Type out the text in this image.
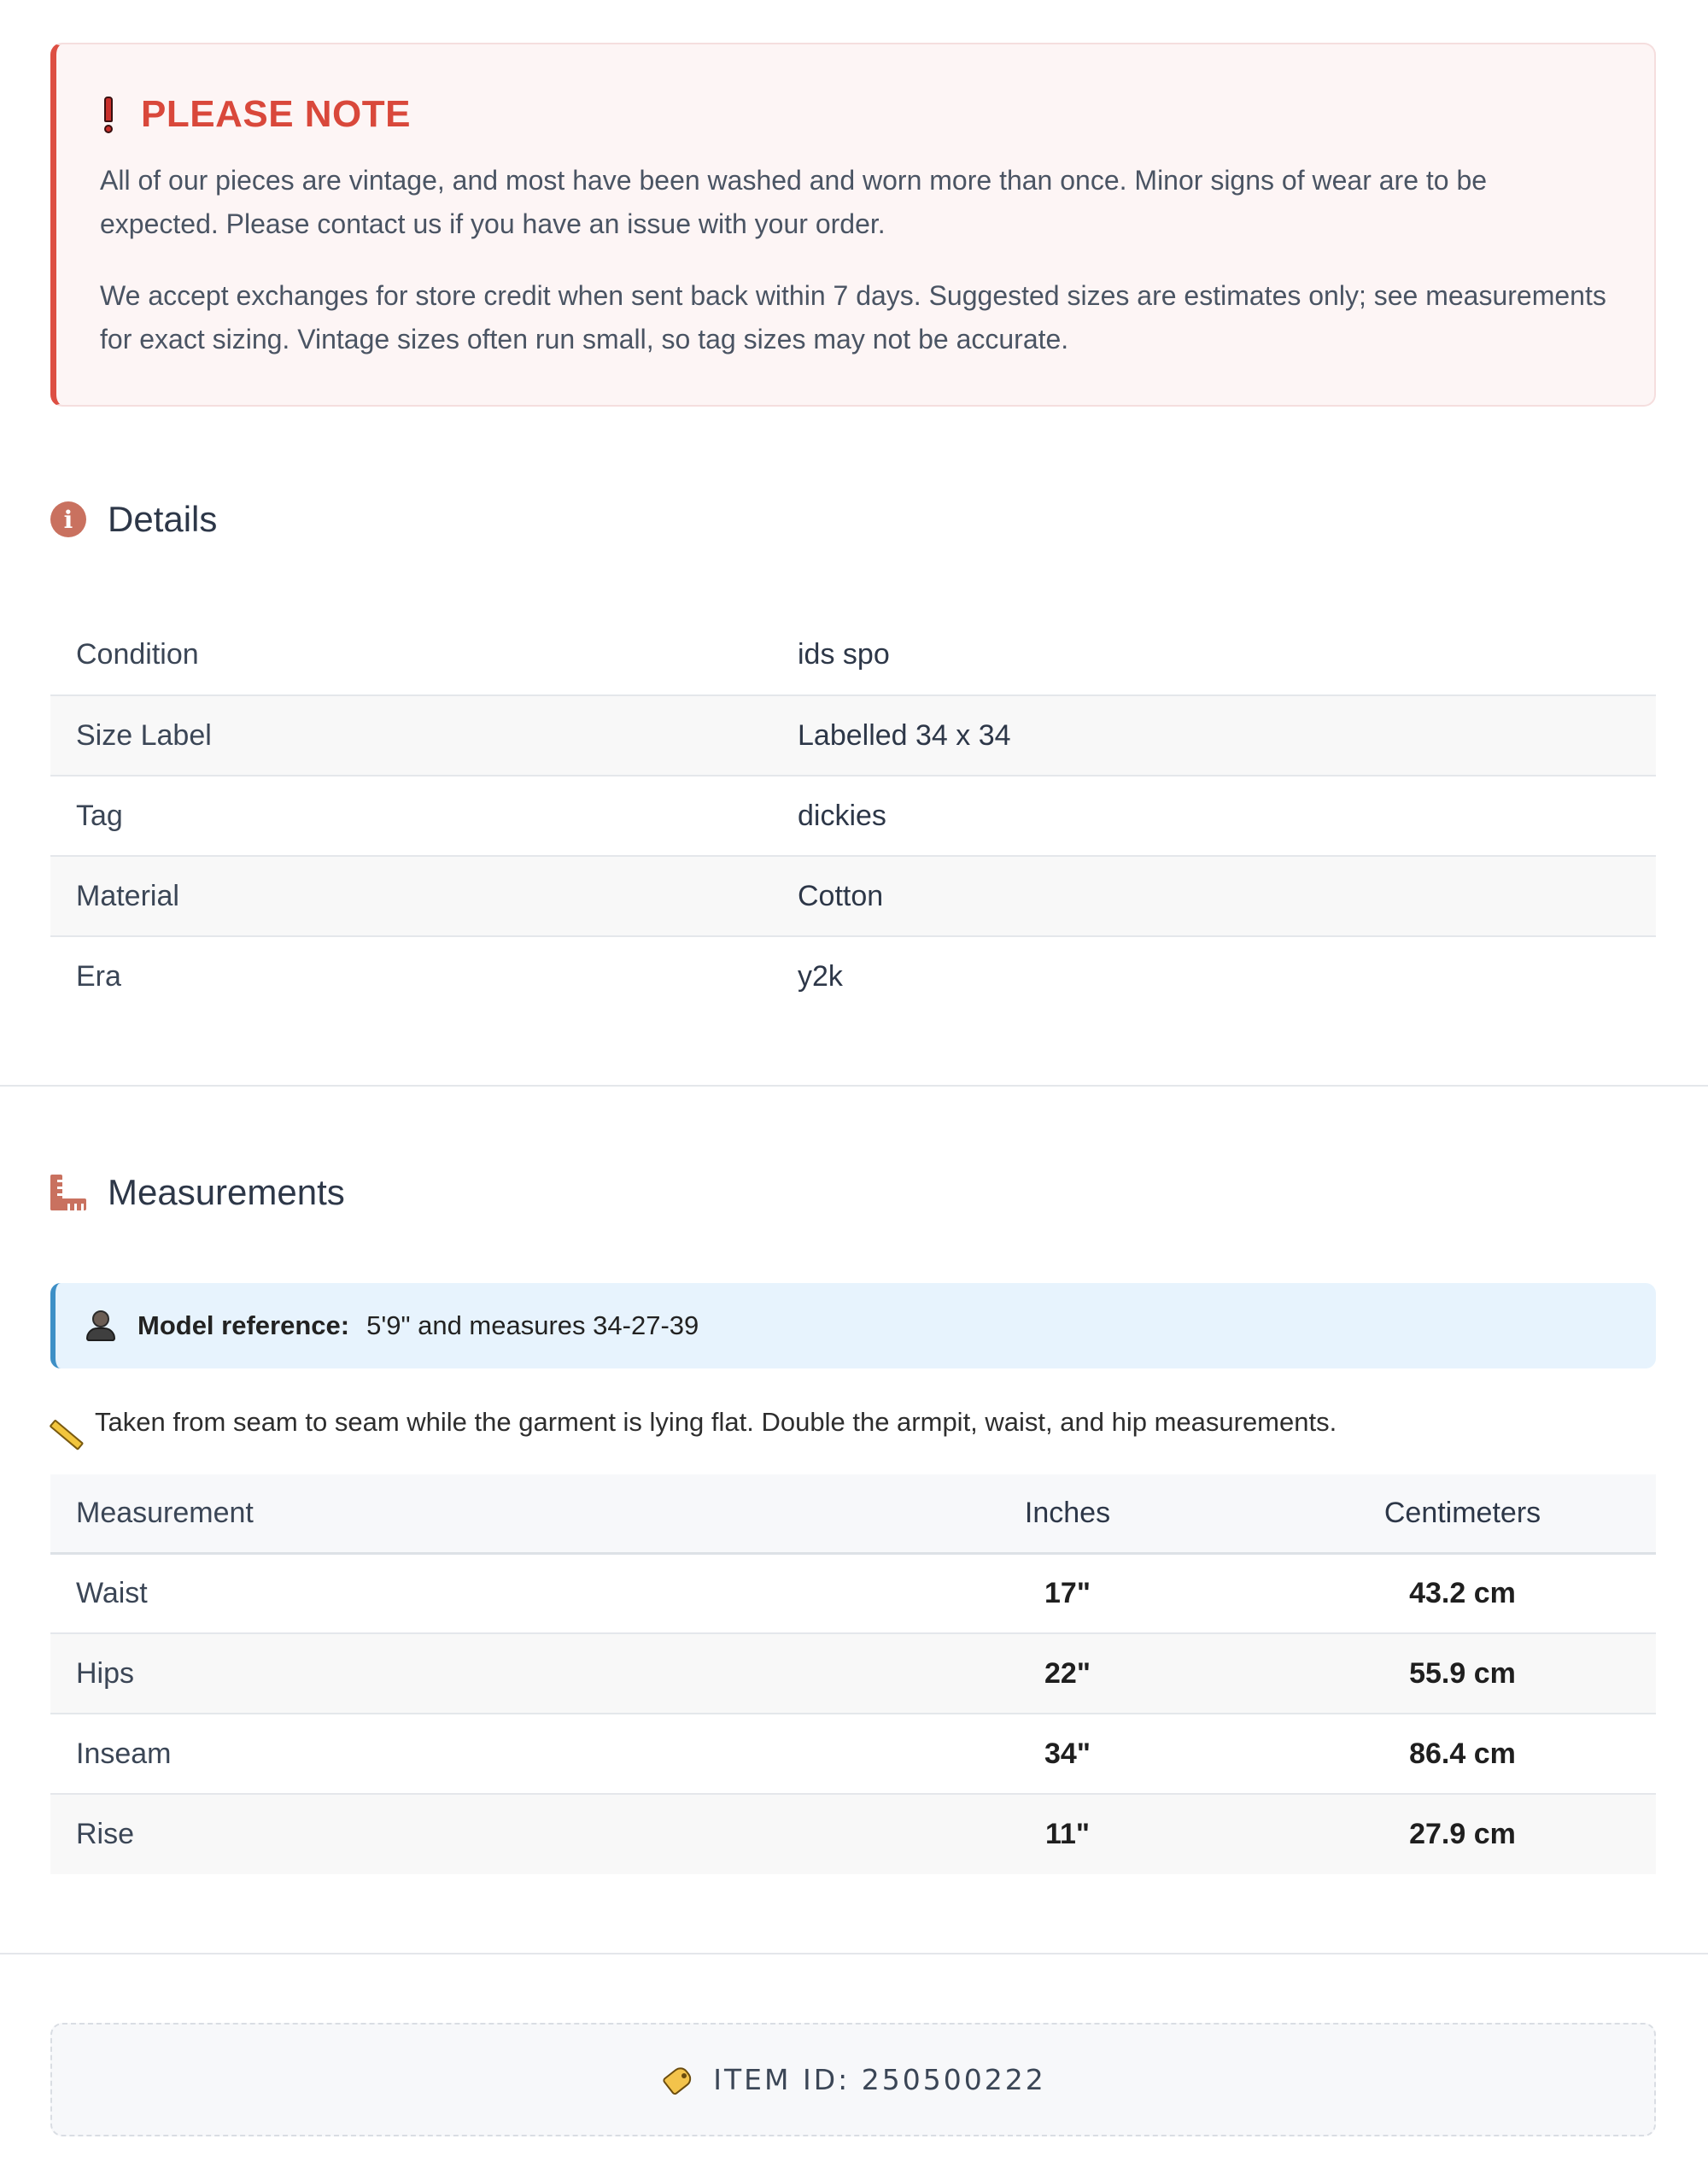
PLEASE NOTE

All of our pieces are vintage, and most have been washed and worn more than once. Minor signs of wear are to be expected. Please contact us if you have an issue with your order.

We accept exchanges for store credit when sent back within 7 days. Suggested sizes are estimates only; see measurements for exact sizing. Vintage sizes often run small, so tag sizes may not be accurate.

i Details
Condition	ids spo
Size Label	Labelled 34 x 34
Tag	dickies
Material	Cotton
Era	y2k
Measurements
Model reference: 5'9" and measures 34-27-39
Taken from seam to seam while the garment is lying flat. Double the armpit, waist, and hip measurements.
Measurement	Inches	Centimeters
Waist	17"	43.2 cm
Hips	22"	55.9 cm
Inseam	34"	86.4 cm
Rise	11"	27.9 cm
ITEM ID: 250500222
